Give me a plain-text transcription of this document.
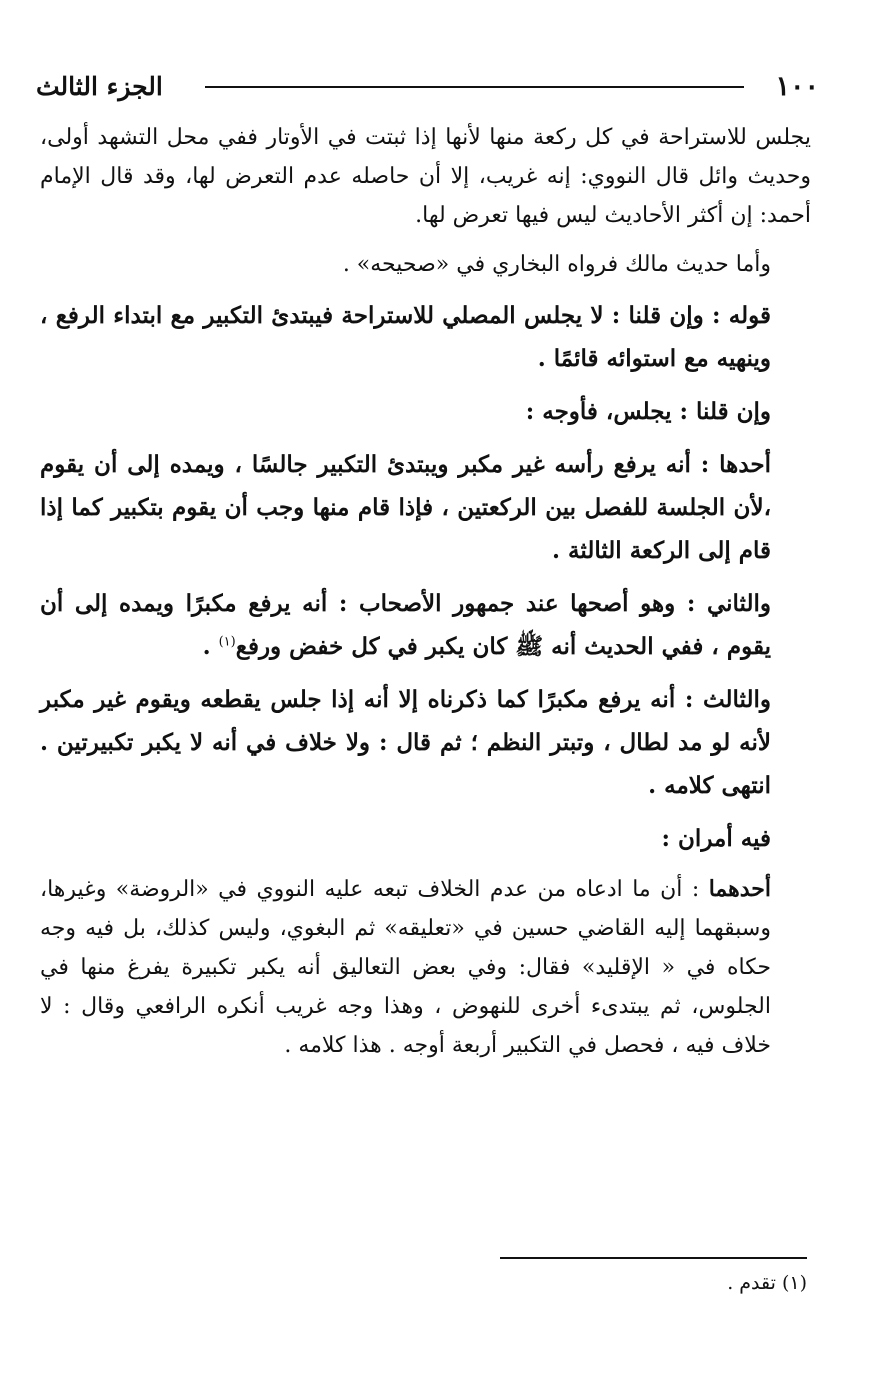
١٠٠
الجزء الثالث

يجلس للاستراحة في كل ركعة منها لأنها إذا ثبتت في الأوتار ففي محل التشهد أولى، وحديث وائل قال النووي: إنه غريب، إلا أن حاصله عدم التعرض لها، وقد قال الإمام أحمد: إن أكثر الأحاديث ليس فيها تعرض لها.

وأما حديث مالك فرواه البخاري في «صحيحه» .

قوله : وإن قلنا : لا يجلس المصلي للاستراحة فيبتدئ التكبير مع ابتداء الرفع ، وينهيه مع استوائه قائمًا .

وإن قلنا : يجلس، فأوجه :

أحدها : أنه يرفع رأسه غير مكبر ويبتدئ التكبير جالسًا ، ويمده إلى أن يقوم ،لأن الجلسة للفصل بين الركعتين ، فإذا قام منها وجب أن يقوم بتكبير كما إذا قام إلى الركعة الثالثة .

والثاني : وهو أصحها عند جمهور الأصحاب : أنه يرفع مكبرًا ويمده إلى أن يقوم ، ففي الحديث أنه ﷺ كان يكبر في كل خفض ورفع$^{(١)}$ .

والثالث : أنه يرفع مكبرًا كما ذكرناه إلا أنه إذا جلس يقطعه ويقوم غير مكبر لأنه لو مد لطال ، وتبتر النظم ؛ ثم قال : ولا خلاف في أنه لا يكبر تكبيرتين . انتهى كلامه .

فيه أمران :

أحدهما : أن ما ادعاه من عدم الخلاف تبعه عليه النووي في «الروضة» وغيرها، وسبقهما إليه القاضي حسين في «تعليقه» ثم البغوي، وليس كذلك، بل فيه وجه حكاه في « الإقليد» فقال: وفي بعض التعاليق أنه يكبر تكبيرة يفرغ منها في الجلوس، ثم يبتدىء أخرى للنهوض ، وهذا وجه غريب أنكره الرافعي وقال : لا خلاف فيه ، فحصل في التكبير أربعة أوجه . هذا كلامه .

(١) تقدم .
